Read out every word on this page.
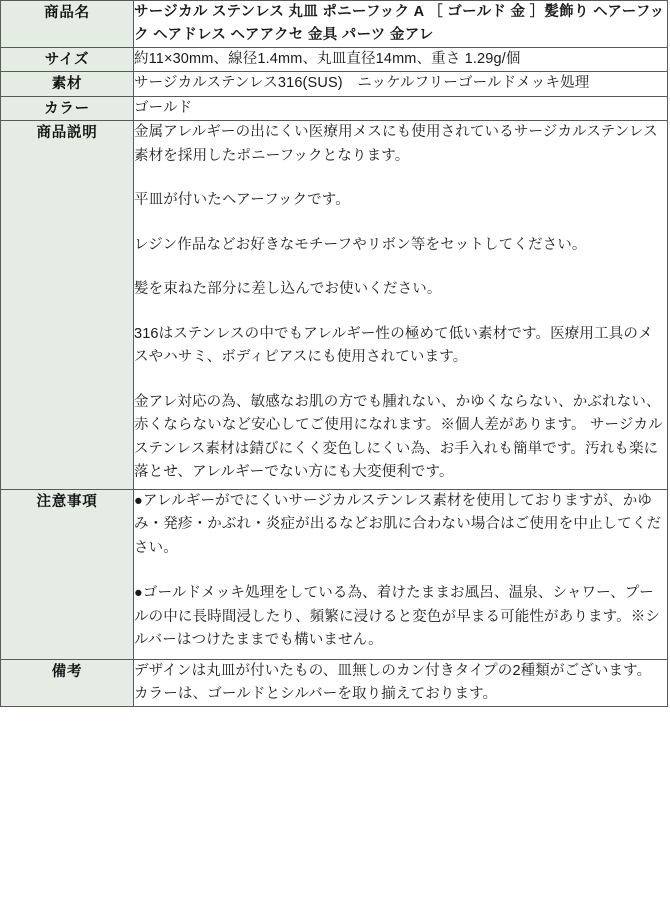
商品名	サージカル ステンレス 丸皿 ポニーフック A ［ ゴールド 金 ］髪飾り ヘアーフック ヘアドレス ヘアアクセ 金具 パーツ 金アレ

サイズ	約11×30mm、線径1.4mm、丸皿直径14mm、重さ 1.29g/個

素材	サージカルステンレス316(SUS)　ニッケルフリーゴールドメッキ処理

カラー	ゴールド

商品説明	金属アレルギーの出にくい医療用メスにも使用されているサージカルステンレス素材を採用したポニーフックとなります。

平皿が付いたヘアーフックです。

レジン作品などお好きなモチーフやリボン等をセットしてください。

髪を束ねた部分に差し込んでお使いください。

316はステンレスの中でもアレルギー性の極めて低い素材です。医療用工具のメスやハサミ、ボディピアスにも使用されています。

金アレ対応の為、敏感なお肌の方でも腫れない、かゆくならない、かぶれない、赤くならないなど安心してご使用になれます。※個人差があります。 サージカルステンレス素材は錆びにくく変色しにくい為、お手入れも簡単です。汚れも楽に落とせ、アレルギーでない方にも大変便利です。

注意事項	●アレルギーがでにくいサージカルステンレス素材を使用しておりますが、かゆみ・発疹・かぶれ・炎症が出るなどお肌に合わない場合はご使用を中止してください。

●ゴールドメッキ処理をしている為、着けたままお風呂、温泉、シャワー、プールの中に長時間浸したり、頻繁に浸けると変色が早まる可能性があります。※シルバーはつけたままでも構いません。

備考	デザインは丸皿が付いたもの、皿無しのカン付きタイプの2種類がございます。 カラーは、ゴールドとシルバーを取り揃えております。
